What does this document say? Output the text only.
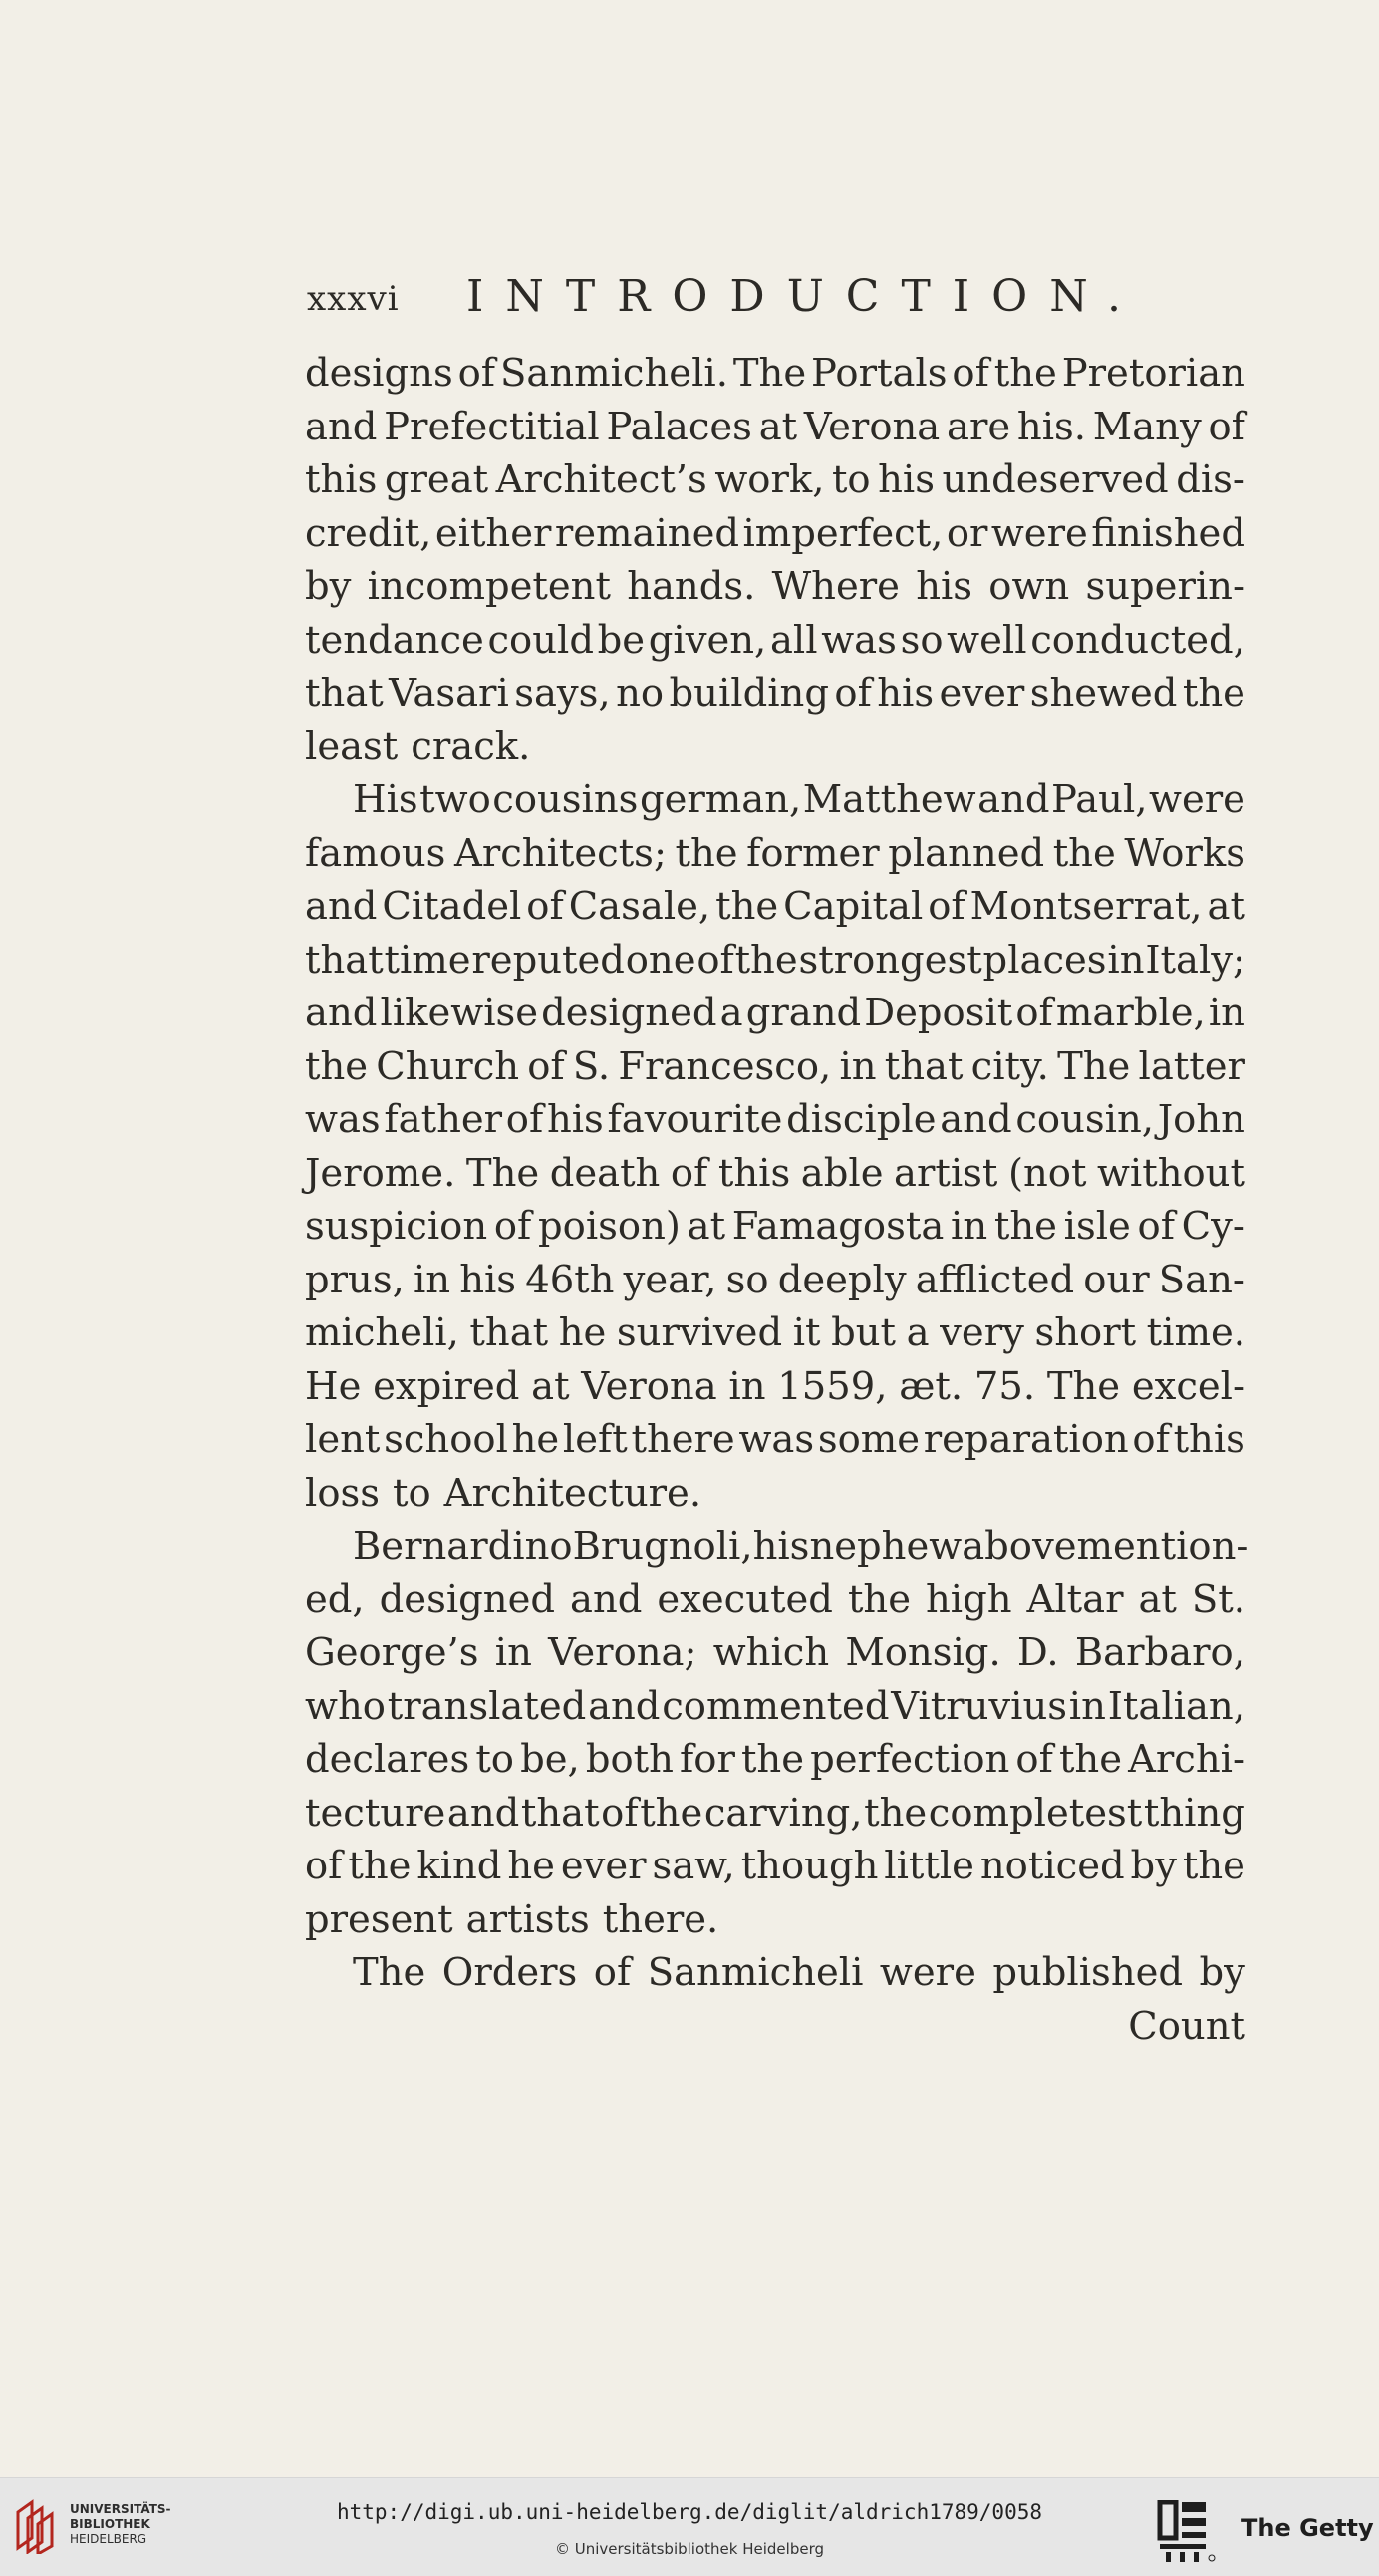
xxxvi INTRODUCTION.
designs of Sanmicheli. The Portals of the Pretorian
and Prefectitial Palaces at Verona are his. Many of
this great Architect’s work, to his undeserved dis-
credit, either remained imperfect, or were finished
by incompetent hands. Where his own superin-
tendance could be given, all was so well conducted,
that Vasari says, no building of his ever shewed the
least crack.
His two cousins german, Matthew and Paul, were
famous Architects; the former planned the Works
and Citadel of Casale, the Capital of Montserrat, at
that time reputed one of the strongest places in Italy;
and likewise designed a grand Deposit of marble, in
the Church of S. Francesco, in that city. The latter
was father of his favourite disciple and cousin, John
Jerome. The death of this able artist (not without
suspicion of poison) at Famagosta in the isle of Cy-
prus, in his 46th year, so deeply afflicted our San-
micheli, that he survived it but a very short time.
He expired at Verona in 1559, æt. 75. The excel-
lent school he left there was some reparation of this
loss to Architecture.
Bernardino Brugnoli, his nephew abovemention-
ed, designed and executed the high Altar at St.
George’s in Verona; which Monsig. D. Barbaro,
who translated and commented Vitruvius in Italian,
declares to be, both for the perfection of the Archi-
tecture and that of the carving, the completest thing
of the kind he ever saw, though little noticed by the
present artists there.
The Orders of Sanmicheli were published by
Count
UNIVERSITÄTS-
BIBLIOTHEK
HEIDELBERG
http://digi.ub.uni-heidelberg.de/diglit/aldrich1789/0058
© Universitätsbibliothek Heidelberg
The Getty
